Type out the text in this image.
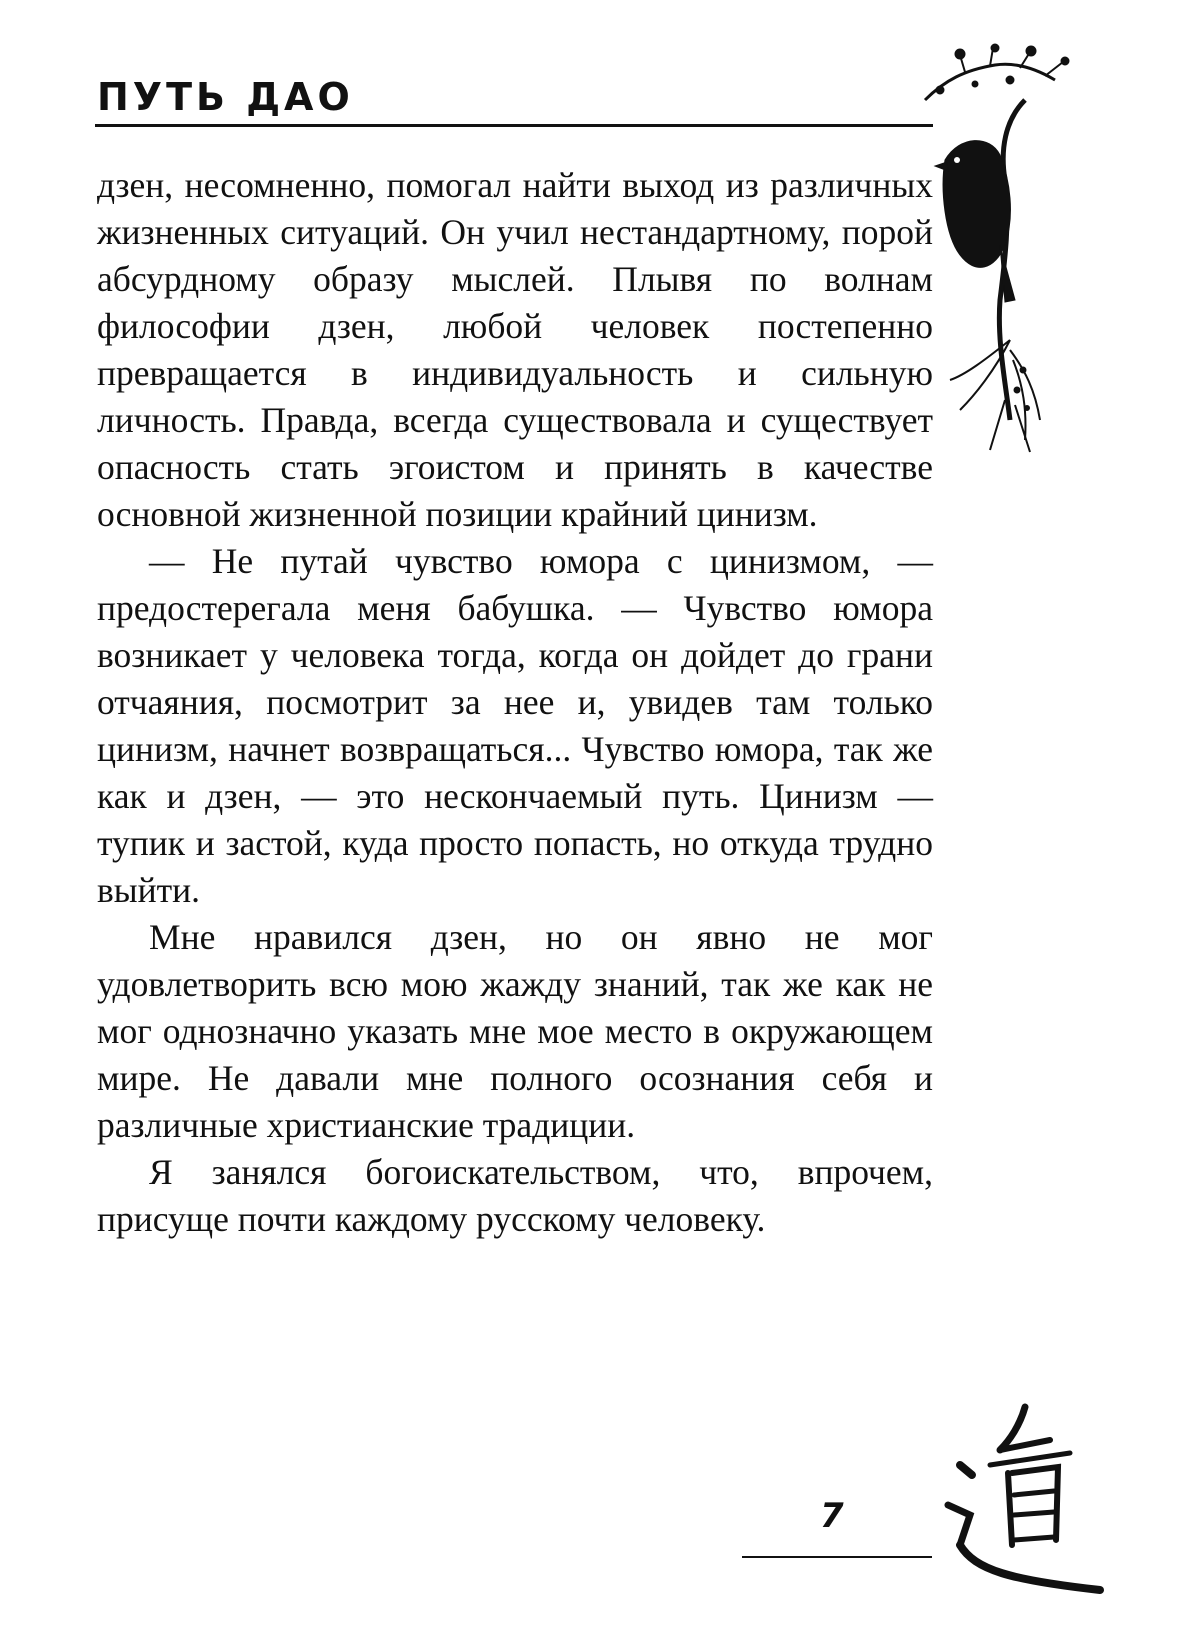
ПУТЬ ДАО

дзен, несомненно, помогал найти выход из различных жизненных ситуаций. Он учил нестандартному, порой абсурдному образу мыслей. Плывя по волнам философии дзен, любой человек постепенно превращается в индивидуальность и сильную личность. Правда, всегда существовала и существует опасность стать эгоистом и принять в качестве основной жизненной позиции крайний цинизм.

— Не путай чувство юмора с цинизмом, — предостерегала меня бабушка. — Чувство юмора возникает у человека тогда, когда он дойдет до грани отчаяния, посмотрит за нее и, увидев там только цинизм, начнет возвращаться... Чувство юмора, так же как и дзен, — это нескончаемый путь. Цинизм — тупик и застой, куда просто попасть, но откуда трудно выйти.

Мне нравился дзен, но он явно не мог удовлетворить всю мою жажду знаний, так же как не мог однозначно указать мне мое место в окружающем мире. Не давали мне полного осознания себя и различные христианские традиции.

Я занялся богоискательством, что, впрочем, присуще почти каждому русскому человеку.

7
